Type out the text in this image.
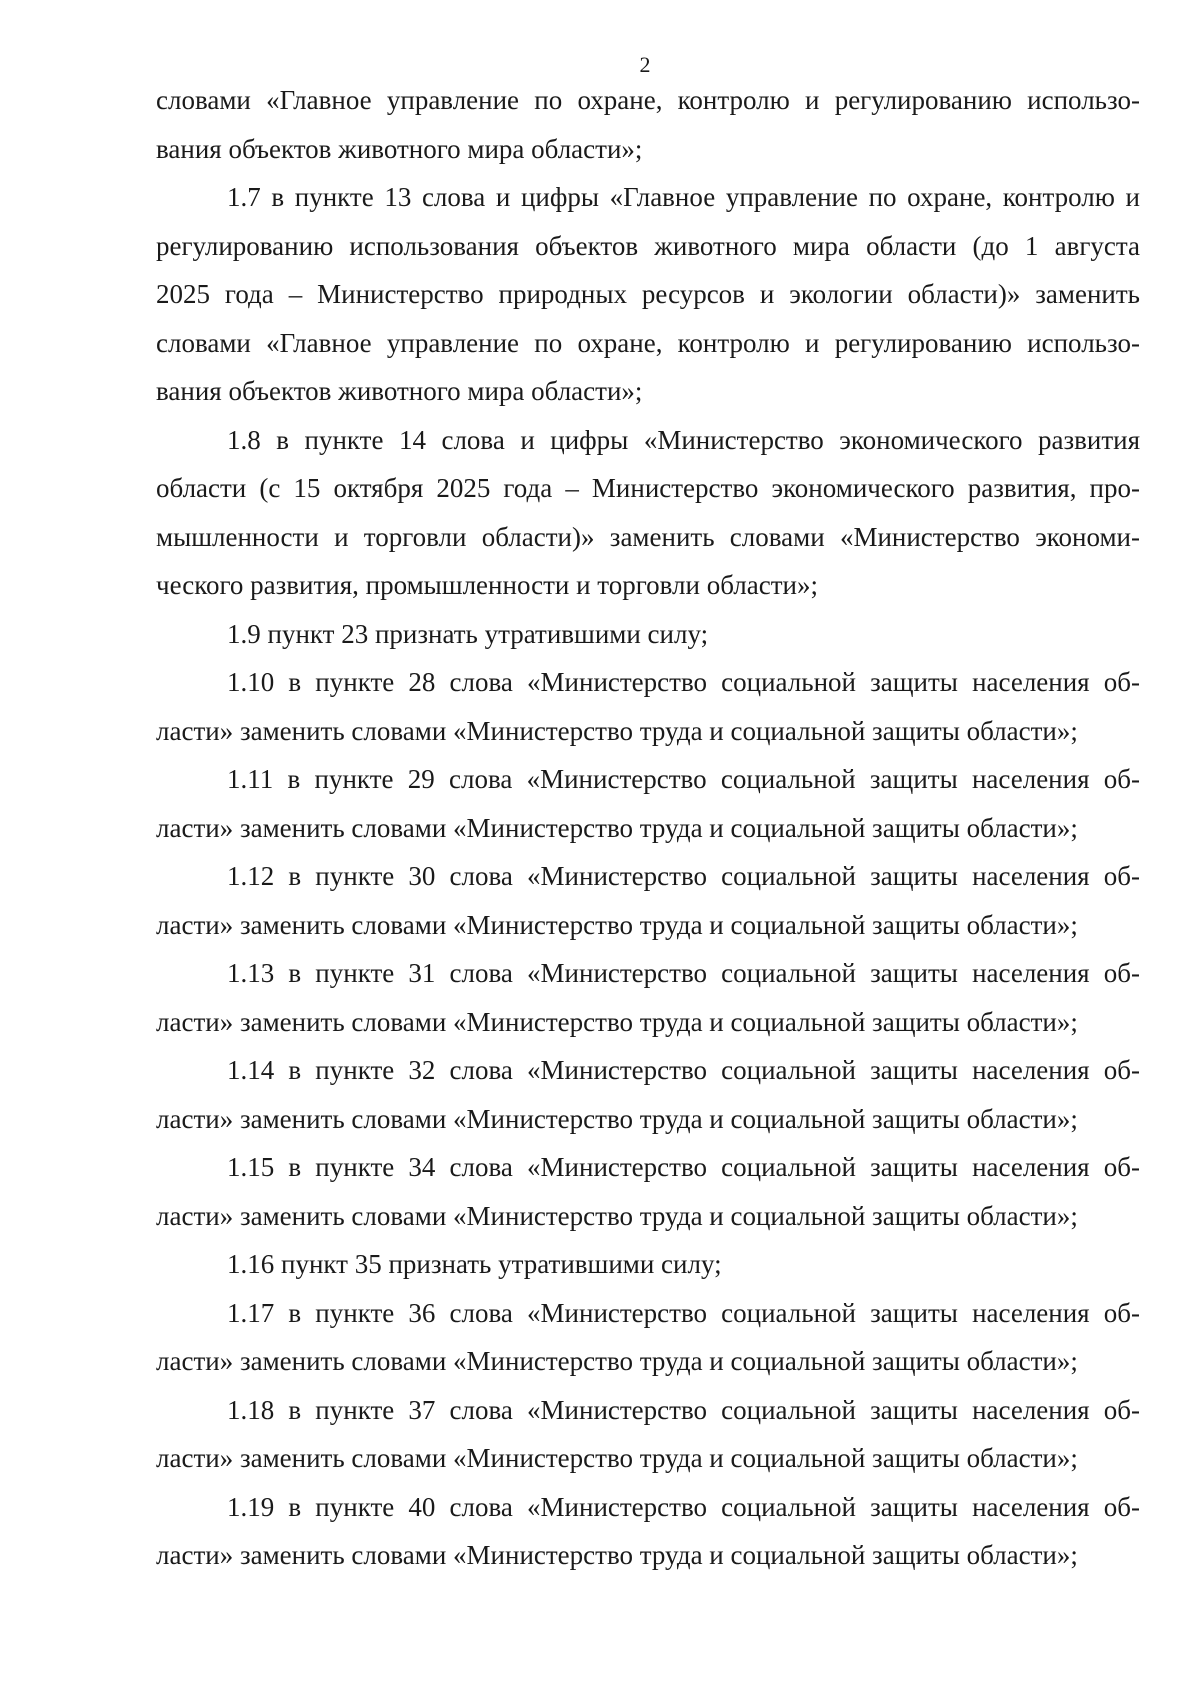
2
словами «Главное управление по охране, контролю и регулированию использо-
вания объектов животного мира области»;
1.7 в пункте 13 слова и цифры «Главное управление по охране, контролю и
регулированию использования объектов животного мира области (до 1 августа
2025 года – Министерство природных ресурсов и экологии области)» заменить
словами «Главное управление по охране, контролю и регулированию использо-
вания объектов животного мира области»;
1.8 в пункте 14 слова и цифры «Министерство экономического развития
области (с 15 октября 2025 года – Министерство экономического развития, про-
мышленности и торговли области)» заменить словами «Министерство экономи-
ческого развития, промышленности и торговли области»;
1.9 пункт 23 признать утратившими силу;
1.10 в пункте 28 слова «Министерство социальной защиты населения об-
ласти» заменить словами «Министерство труда и социальной защиты области»;
1.11 в пункте 29 слова «Министерство социальной защиты населения об-
ласти» заменить словами «Министерство труда и социальной защиты области»;
1.12 в пункте 30 слова «Министерство социальной защиты населения об-
ласти» заменить словами «Министерство труда и социальной защиты области»;
1.13 в пункте 31 слова «Министерство социальной защиты населения об-
ласти» заменить словами «Министерство труда и социальной защиты области»;
1.14 в пункте 32 слова «Министерство социальной защиты населения об-
ласти» заменить словами «Министерство труда и социальной защиты области»;
1.15 в пункте 34 слова «Министерство социальной защиты населения об-
ласти» заменить словами «Министерство труда и социальной защиты области»;
1.16 пункт 35 признать утратившими силу;
1.17 в пункте 36 слова «Министерство социальной защиты населения об-
ласти» заменить словами «Министерство труда и социальной защиты области»;
1.18 в пункте 37 слова «Министерство социальной защиты населения об-
ласти» заменить словами «Министерство труда и социальной защиты области»;
1.19 в пункте 40 слова «Министерство социальной защиты населения об-
ласти» заменить словами «Министерство труда и социальной защиты области»;
